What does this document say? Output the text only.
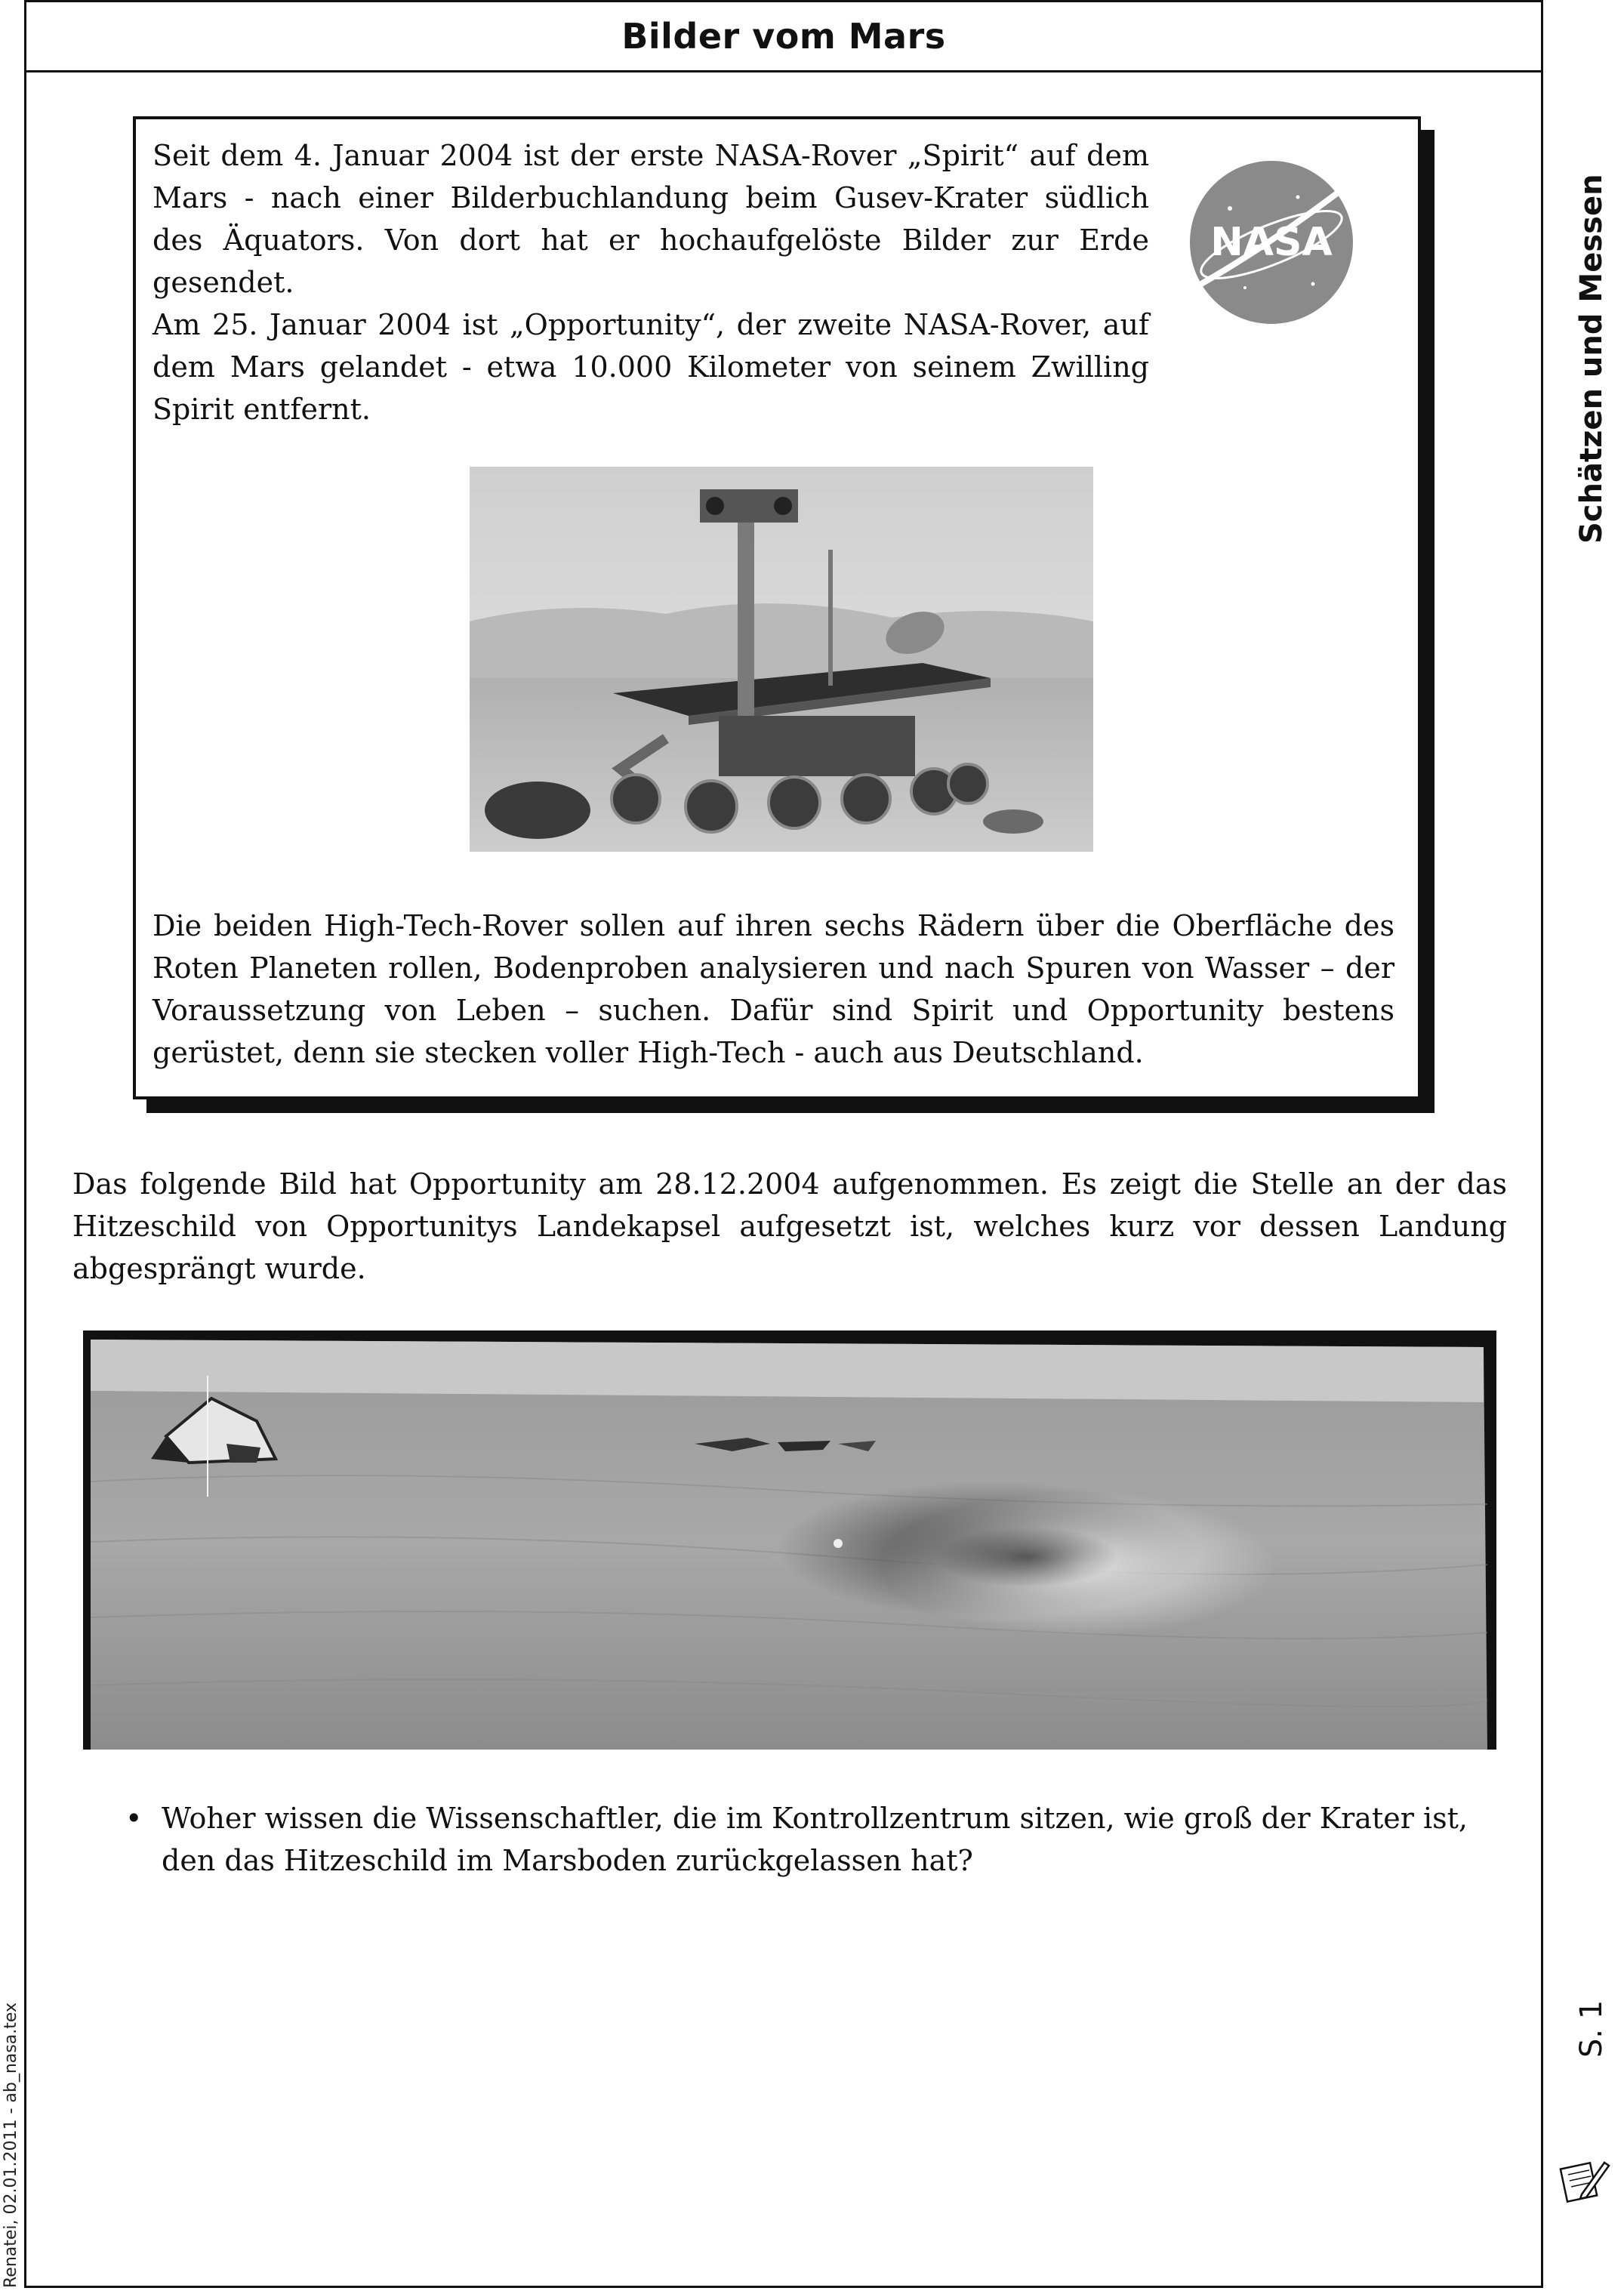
Bilder vom Mars
Schätzen und Messen
S. 1
Renatei, 02.01.2011 - ab_nasa.tex

Seit dem 4. Januar 2004 ist der erste NASA-Rover „Spirit“ auf dem Mars - nach einer Bilderbuchlandung beim Gusev-Krater südlich des Äquators. Von dort hat er hochaufgelöste Bilder zur Erde gesendet.

Am 25. Januar 2004 ist „Opportunity“, der zweite NASA-Rover, auf dem Mars gelandet - etwa 10.000 Kilometer von seinem Zwilling Spirit entfernt.

NASA

Die beiden High-Tech-Rover sollen auf ihren sechs Rädern über die Oberfläche des Roten Planeten rollen, Bodenproben analysieren und nach Spuren von Wasser – der Voraussetzung von Leben – suchen. Dafür sind Spirit und Opportunity bestens gerüstet, denn sie stecken voller High-Tech - auch aus Deutschland.

Das folgende Bild hat Opportunity am 28.12.2004 aufgenommen. Es zeigt die Stelle an der das Hitzeschild von Opportunitys Landekapsel aufgesetzt ist, welches kurz vor dessen Landung abgesprängt wurde.

• Woher wissen die Wissenschaftler, die im Kontrollzentrum sitzen, wie groß der Krater ist, den das Hitzeschild im Marsboden zurückgelassen hat?
